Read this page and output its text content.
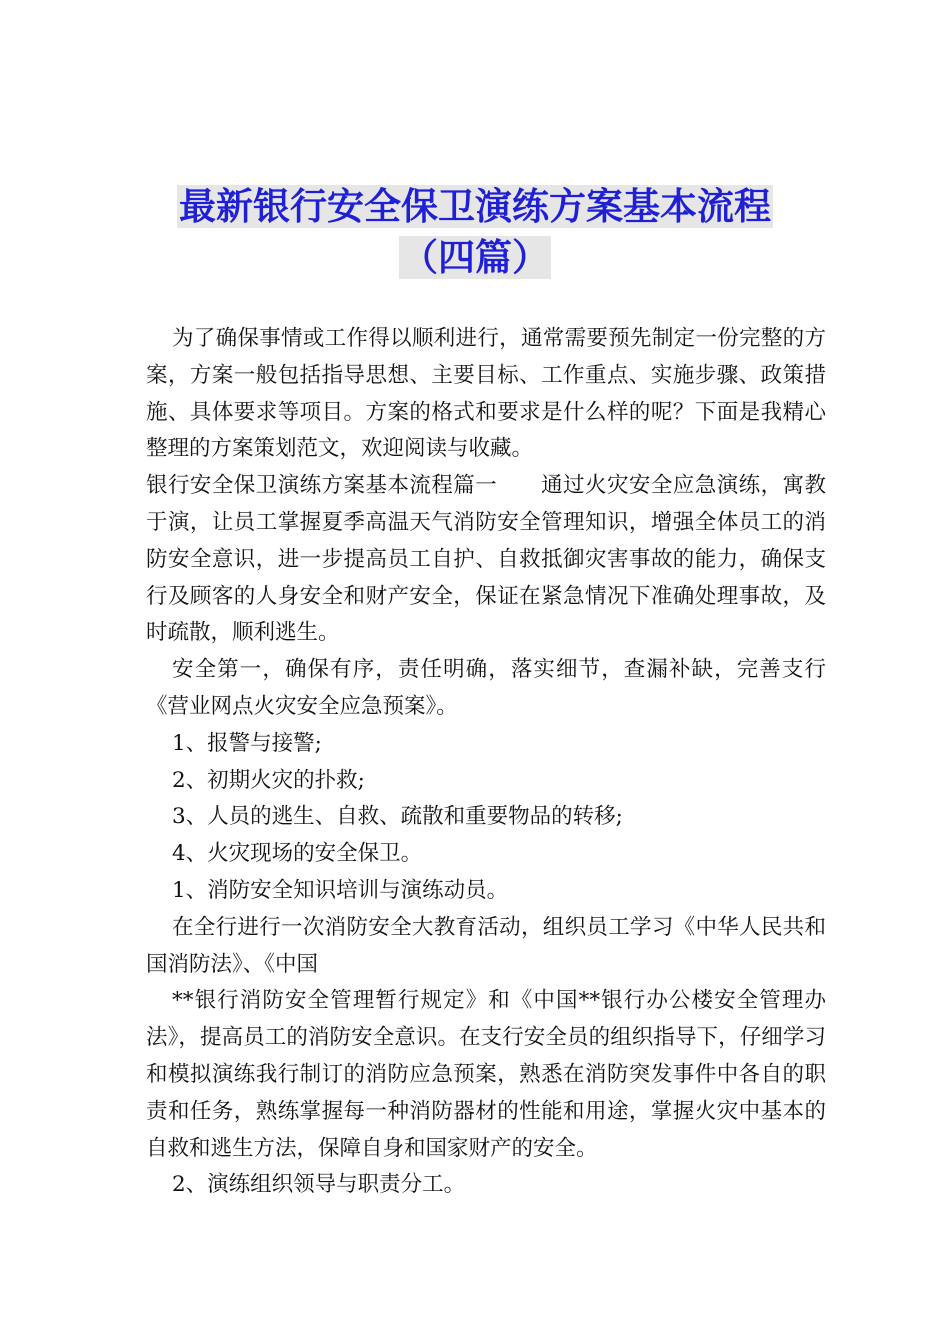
最新银行安全保卫演练方案基本流程
（四篇）

为了确保事情或工作得以顺利进行，通常需要预先制定一份完整的方案，方案一般包括指导思想、主要目标、工作重点、实施步骤、政策措施、具体要求等项目。方案的格式和要求是什么样的呢？下面是我精心整理的方案策划范文，欢迎阅读与收藏。

银行安全保卫演练方案基本流程篇一　　通过火灾安全应急演练，寓教于演，让员工掌握夏季高温天气消防安全管理知识，增强全体员工的消防安全意识，进一步提高员工自护、自救抵御灾害事故的能力，确保支行及顾客的人身安全和财产安全，保证在紧急情况下准确处理事故，及时疏散，顺利逃生。

安全第一，确保有序，责任明确，落实细节，查漏补缺，完善支行《营业网点火灾安全应急预案》。

1、报警与接警;

2、初期火灾的扑救;

3、人员的逃生、自救、疏散和重要物品的转移;

4、火灾现场的安全保卫。

1、消防安全知识培训与演练动员。

在全行进行一次消防安全大教育活动，组织员工学习《中华人民共和国消防法》、《中国

**银行消防安全管理暂行规定》和《中国**银行办公楼安全管理办法》，提高员工的消防安全意识。在支行安全员的组织指导下，仔细学习和模拟演练我行制订的消防应急预案，熟悉在消防突发事件中各自的职责和任务，熟练掌握每一种消防器材的性能和用途，掌握火灾中基本的自救和逃生方法，保障自身和国家财产的安全。

2、演练组织领导与职责分工。
